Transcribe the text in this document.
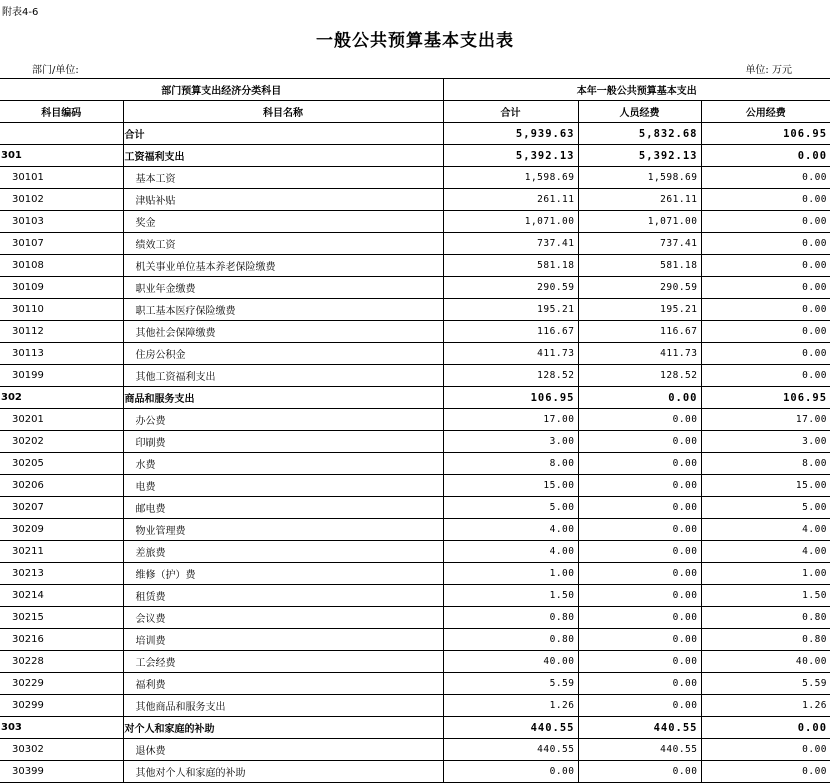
附表4-6
一般公共预算基本支出表
部门/单位:	单位: 万元
部门预算支出经济分类科目		本年一般公共预算基本支出		
科目编码	科目名称	合计	人员经费	公用经费
	合计	5,939.63	5,832.68	106.95
301	工资福利支出	5,392.13	5,392.13	0.00
30101	基本工资	1,598.69	1,598.69	0.00
30102	津贴补贴	261.11	261.11	0.00
30103	奖金	1,071.00	1,071.00	0.00
30107	绩效工资	737.41	737.41	0.00
30108	机关事业单位基本养老保险缴费	581.18	581.18	0.00
30109	职业年金缴费	290.59	290.59	0.00
30110	职工基本医疗保险缴费	195.21	195.21	0.00
30112	其他社会保障缴费	116.67	116.67	0.00
30113	住房公积金	411.73	411.73	0.00
30199	其他工资福利支出	128.52	128.52	0.00
302	商品和服务支出	106.95	0.00	106.95
30201	办公费	17.00	0.00	17.00
30202	印刷费	3.00	0.00	3.00
30205	水费	8.00	0.00	8.00
30206	电费	15.00	0.00	15.00
30207	邮电费	5.00	0.00	5.00
30209	物业管理费	4.00	0.00	4.00
30211	差旅费	4.00	0.00	4.00
30213	维修（护）费	1.00	0.00	1.00
30214	租赁费	1.50	0.00	1.50
30215	会议费	0.80	0.00	0.80
30216	培训费	0.80	0.00	0.80
30228	工会经费	40.00	0.00	40.00
30229	福利费	5.59	0.00	5.59
30299	其他商品和服务支出	1.26	0.00	1.26
303	对个人和家庭的补助	440.55	440.55	0.00
30302	退休费	440.55	440.55	0.00
30399	其他对个人和家庭的补助	0.00	0.00	0.00
